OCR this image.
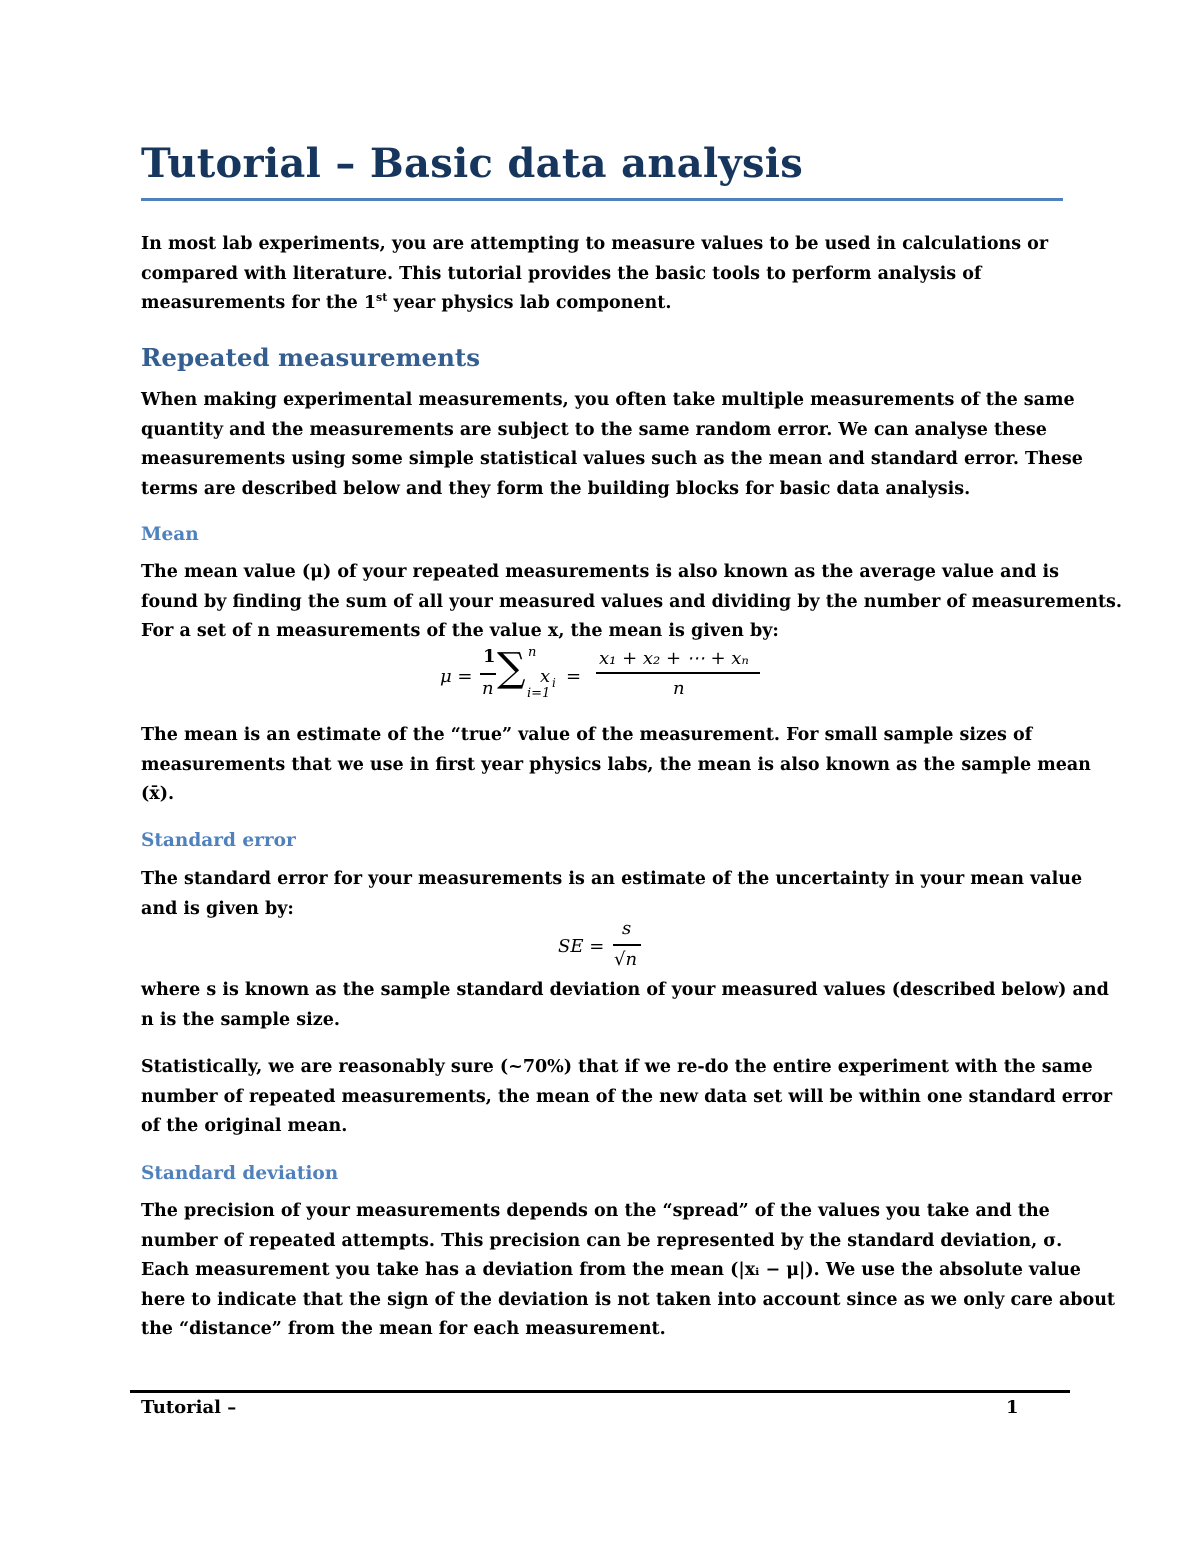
Tutorial – Basic data analysis
In most lab experiments, you are attempting to measure values to be used in calculations or
compared with literature. This tutorial provides the basic tools to perform analysis of
measurements for the 1st year physics lab component.
Repeated measurements
When making experimental measurements, you often take multiple measurements of the same
quantity and the measurements are subject to the same random error. We can analyse these
measurements using some simple statistical values such as the mean and standard error. These
terms are described below and they form the building blocks for basic data analysis.
Mean
The mean value (μ) of your repeated measurements is also known as the average value and is
found by finding the sum of all your measured values and dividing by the number of measurements.
For a set of n measurements of the value x, the mean is given by:
μ =
1
n ∑ n
i=1
x i =
x₁ + x₂ + ⋯ + xₙ
n
The mean is an estimate of the “true” value of the measurement. For small sample sizes of
measurements that we use in first year physics labs, the mean is also known as the sample mean
(x̄).
Standard error
The standard error for your measurements is an estimate of the uncertainty in your mean value
and is given by:
SE =
s
√n
where s is known as the sample standard deviation of your measured values (described below) and
n is the sample size.
Statistically, we are reasonably sure (~70%) that if we re-do the entire experiment with the same
number of repeated measurements, the mean of the new data set will be within one standard error
of the original mean.
Standard deviation
The precision of your measurements depends on the “spread” of the values you take and the
number of repeated attempts. This precision can be represented by the standard deviation, σ.
Each measurement you take has a deviation from the mean (|xᵢ − μ|). We use the absolute value
here to indicate that the sign of the deviation is not taken into account since as we only care about
the “distance” from the mean for each measurement.
Tutorial –	1
